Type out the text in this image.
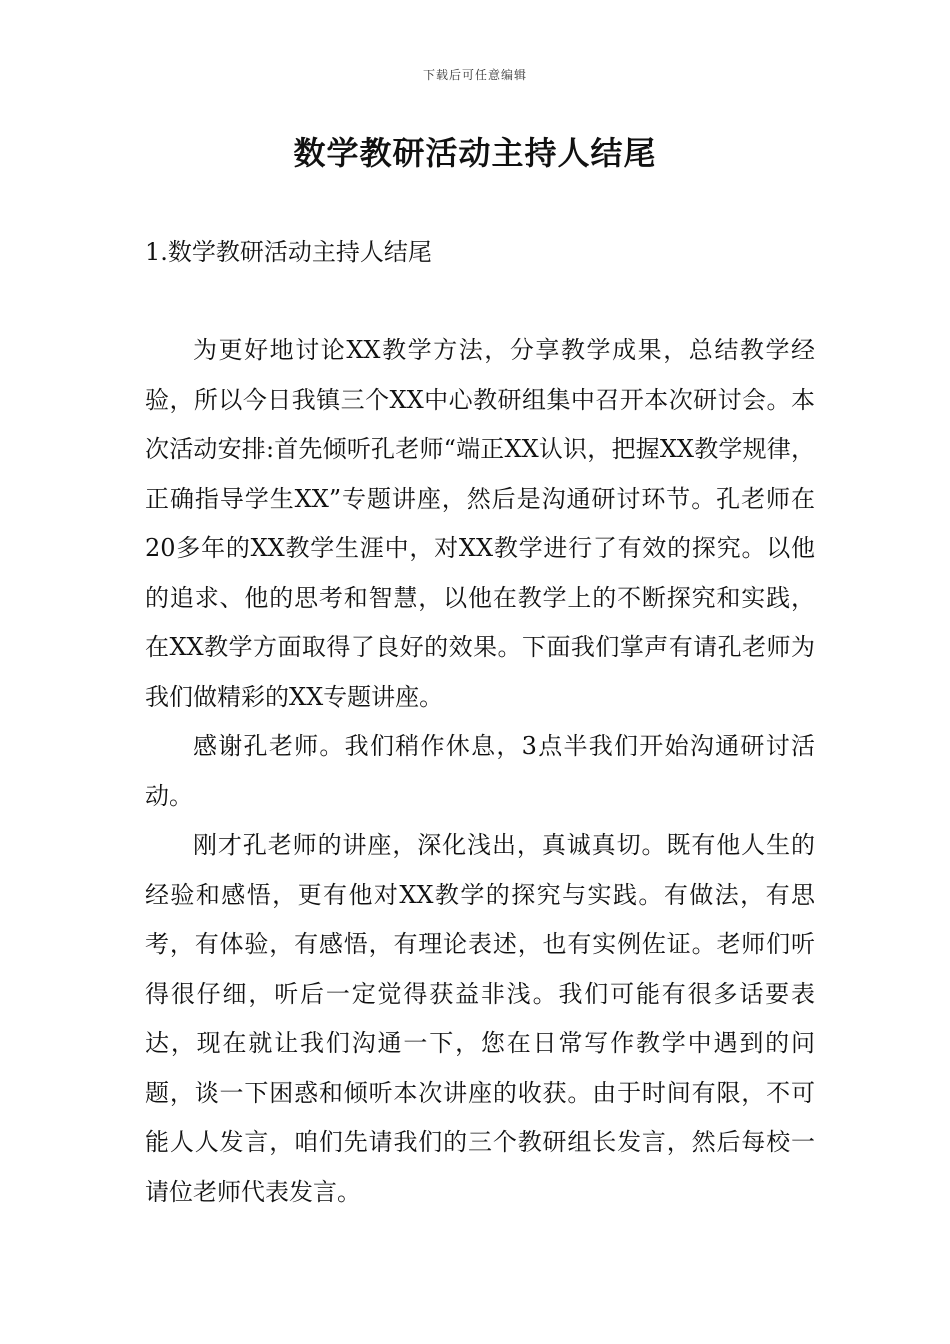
下载后可任意编辑
数学教研活动主持人结尾
1.数学教研活动主持人结尾

为更好地讨论XX教学方法，分享教学成果，总结教学经验，所以今日我镇三个XX中心教研组集中召开本次研讨会。本次活动安排:首先倾听孔老师“端正XX认识，把握XX教学规律，正确指导学生XX”专题讲座，然后是沟通研讨环节。孔老师在20多年的XX教学生涯中，对XX教学进行了有效的探究。以他的追求、他的思考和智慧，以他在教学上的不断探究和实践，在XX教学方面取得了良好的效果。下面我们掌声有请孔老师为我们做精彩的XX专题讲座。

感谢孔老师。我们稍作休息，3点半我们开始沟通研讨活动。

刚才孔老师的讲座，深化浅出，真诚真切。既有他人生的经验和感悟，更有他对XX教学的探究与实践。有做法，有思考，有体验，有感悟，有理论表述，也有实例佐证。老师们听得很仔细，听后一定觉得获益非浅。我们可能有很多话要表达，现在就让我们沟通一下，您在日常写作教学中遇到的问题，谈一下困惑和倾听本次讲座的收获。由于时间有限，不可能人人发言，咱们先请我们的三个教研组长发言，然后每校一请位老师代表发言。
